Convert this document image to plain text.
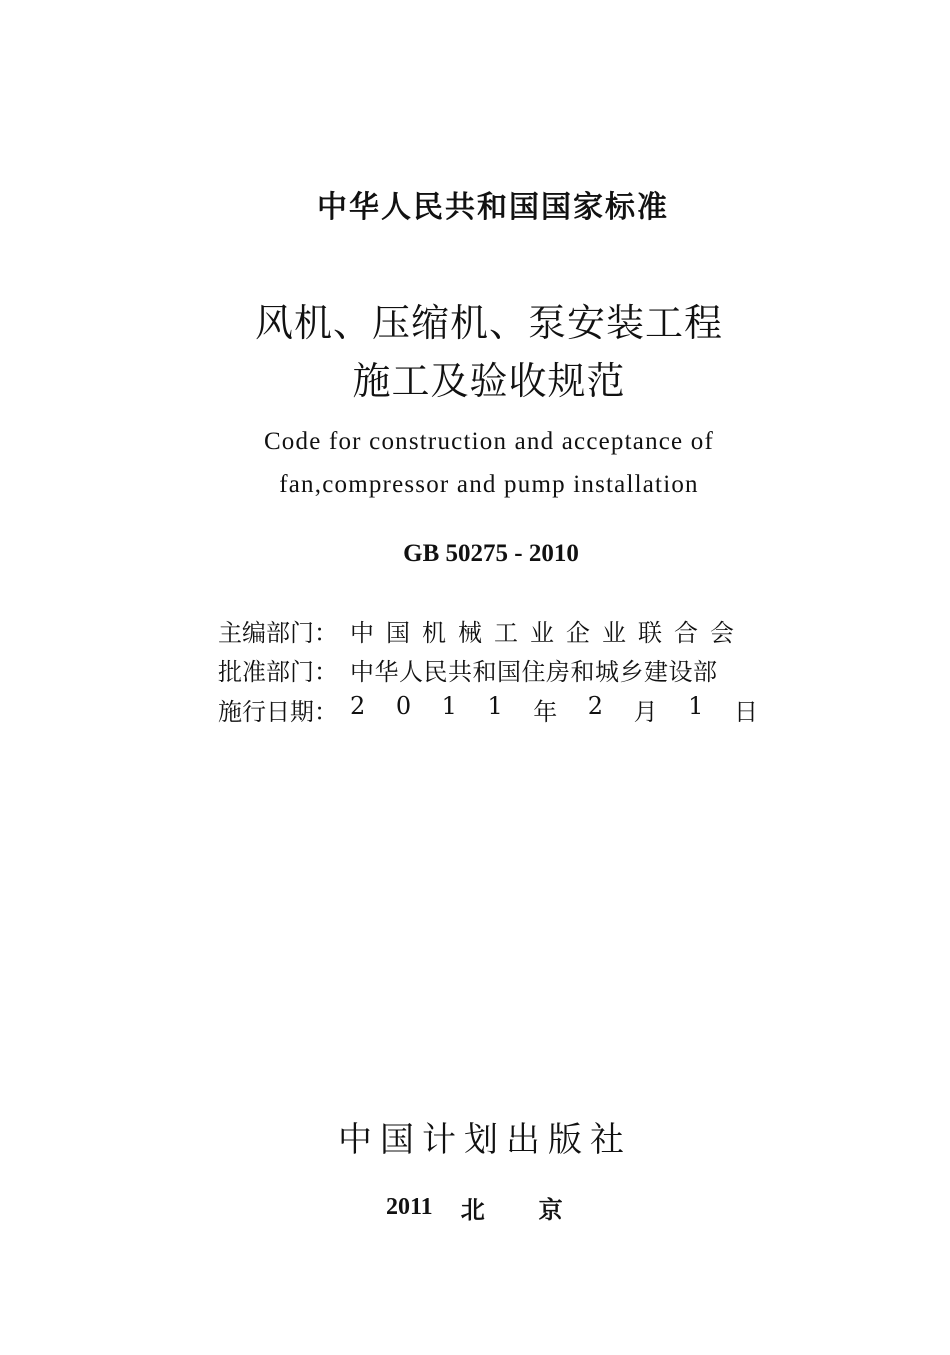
中华人民共和国国家标准
风机、压缩机、泵安装工程
施工及验收规范
Code for construction and acceptance of
fan,compressor and pump installation
GB 50275 - 2010
主编部门： 中国机械工业企业联合会
批准部门： 中华人民共和国住房和城乡建设部
施行日期： 2 0 1 1 年 2 月 1 日
中国计划出版社
2011 北京
